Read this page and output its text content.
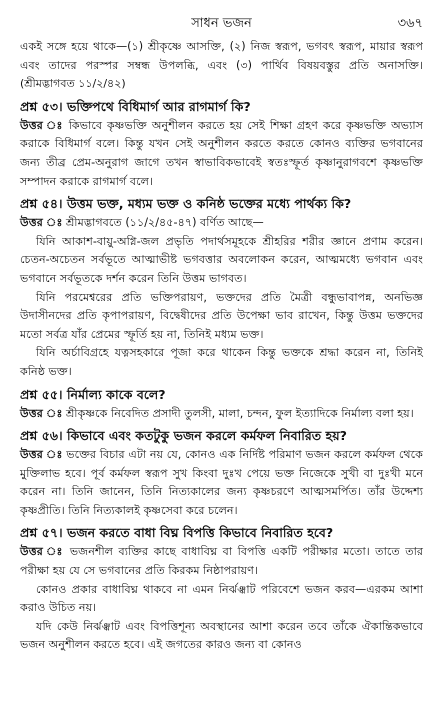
সাধন ভজন	৩৬৭

একই সঙ্গে হয়ে থাকে—(১) শ্রীকৃষ্ণে আসক্তি, (২) নিজ স্বরূপ, ভগবৎ স্বরূপ, মায়ার স্বরূপ এবং তাদের পরস্পর সম্বন্ধ উপলব্ধি, এবং (৩) পার্থিব বিষয়বস্তুর প্রতি অনাসক্তি। (শ্রীমদ্ভাগবত ১১/২/৪২)

প্রশ্ন ৫৩। ভক্তিপথে বিধিমার্গ আর রাগমার্গ কি?

উত্তর ঃ কিভাবে কৃষ্ণভক্তি অনুশীলন করতে হয় সেই শিক্ষা গ্রহণ করে কৃষ্ণভক্তি অভ্যাস করাকে বিধিমার্গ বলে। কিন্তু যখন সেই অনুশীলন করতে করতে কোনও ব্যক্তির ভগবানের জন্য তীব্র প্রেম-অনুরাগ জাগে তখন স্বাভাবিকভাবেই স্বতঃস্ফূর্ত কৃষ্ণানুরাগবশে কৃষ্ণভক্তি সম্পাদন করাকে রাগমার্গ বলে।

প্রশ্ন ৫৪। উত্তম ভক্ত, মধ্যম ভক্ত ও কনিষ্ঠ ভক্তের মধ্যে পার্থক্য কি?

উত্তর ঃ শ্রীমদ্ভাগবতে (১১/২/৪৫-৪৭) বর্ণিত আছে—

যিনি আকাশ-বায়ু-অগ্নি-জল প্রভৃতি পদার্থসমূহকে শ্রীহরির শরীর জ্ঞানে প্রণাম করেন। চেতন-অচেতন সর্বভূতে আত্মাভীষ্ট ভগবত্তার অবলোকন করেন, আত্মমধ্যে ভগবান এবং ভগবানে সর্বভূতকে দর্শন করেন তিনি উত্তম ভাগবত।

যিনি পরমেশ্বরের প্রতি ভক্তিপরায়ণ, ভক্তদের প্রতি মৈত্রী বন্ধুভাবাপন্ন, অনভিজ্ঞ উদাসীনদের প্রতি কৃপাপরায়ণ, বিদ্বেষীদের প্রতি উপেক্ষা ভাব রাখেন, কিন্তু উত্তম ভক্তদের মতো সর্বত্র যাঁর প্রেমের স্ফূর্তি হয় না, তিনিই মধ্যম ভক্ত।

যিনি অর্চাবিগ্রহে যত্নসহকারে পূজা করে থাকেন কিন্তু ভক্তকে শ্রদ্ধা করেন না, তিনিই কনিষ্ঠ ভক্ত।

প্রশ্ন ৫৫। নির্মাল্য কাকে বলে?

উত্তর ঃ শ্রীকৃষ্ণকে নিবেদিত প্রসাদী তুলসী, মালা, চন্দন, ফুল ইত্যাদিকে নির্মাল্য বলা হয়।

প্রশ্ন ৫৬। কিভাবে এবং কতটুকু ভজন করলে কর্মফল নিবারিত হয়?

উত্তর ঃ ভক্তের বিচার এটা নয় যে, কোনও এক নির্দিষ্ট পরিমাণ ভজন করলে কর্মফল থেকে মুক্তিলাভ হবে। পূর্ব কর্মফল স্বরূপ সুখ কিংবা দুঃখ পেয়ে ভক্ত নিজেকে সুখী বা দুঃখী মনে করেন না। তিনি জানেন, তিনি নিত্যকালের জন্য কৃষ্ণচরণে আত্মসমর্পিত। তাঁর উদ্দেশ্য কৃষ্ণপ্রীতি। তিনি নিত্যকালই কৃষ্ণসেবা করে চলেন।

প্রশ্ন ৫৭। ভজন করতে বাধা বিঘ্ন বিপত্তি কিভাবে নিবারিত হবে?

উত্তর ঃ ভজনশীল ব্যক্তির কাছে বাধাবিঘ্ন বা বিপত্তি একটি পরীক্ষার মতো। তাতে তার পরীক্ষা হয় যে সে ভগবানের প্রতি কিরকম নিষ্ঠাপরায়ণ।

কোনও প্রকার বাধাবিঘ্ন থাকবে না এমন নির্ঝঞ্ঝাট পরিবেশে ভজন করব—এরকম আশা করাও উচিত নয়।

যদি কেউ নির্ঝঞ্ঝাট এবং বিপত্তিশূন্য অবস্থানের আশা করেন তবে তাঁকে ঐকান্তিকভাবে ভজন অনুশীলন করতে হবে। এই জগতের কারও জন্য বা কোনও
